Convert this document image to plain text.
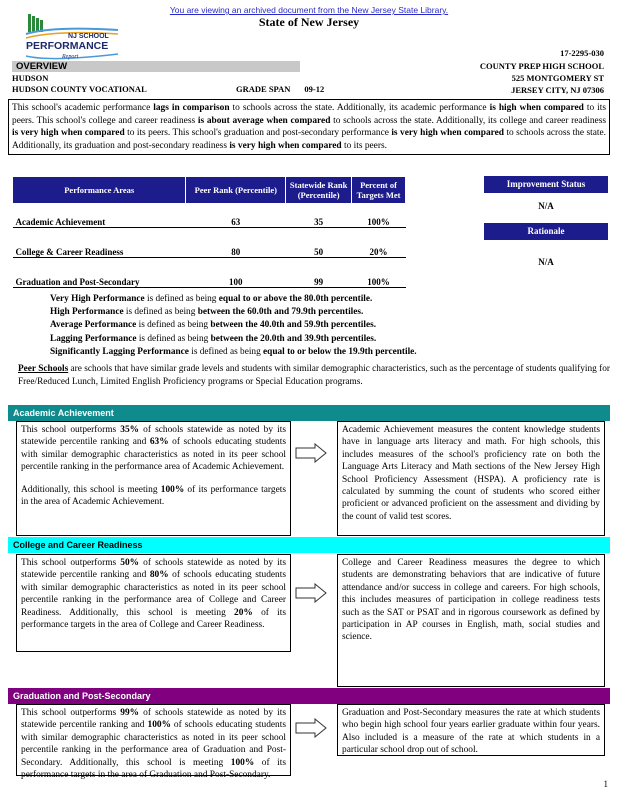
You are viewing an archived document from the New Jersey State Library.
State of New Jersey
NJ SCHOOL
PERFORMANCE
Report	17-2295-030
OVERVIEW
HUDSON
HUDSON COUNTY VOCATIONAL	GRADE SPAN 09-12
COUNTY PREP HIGH SCHOOL
525 MONTGOMERY ST
JERSEY CITY, NJ 07306
This school's academic performance lags in comparison to schools across the state. Additionally, its academic performance is high when compared to its peers. This school's college and career readiness is about average when compared to schools across the state. Additionally, its college and career readiness is very high when compared to its peers. This school's graduation and post-secondary performance is very high when compared to schools across the state. Additionally, its graduation and post-secondary readiness is very high when compared to its peers.
Performance Areas	Peer Rank (Percentile)	Statewide Rank (Percentile)	Percent of Targets Met
Academic Achievement	63	35	100%
College & Career Readiness	80	50	20%
Graduation and Post-Secondary	100	99	100%
Improvement Status
N/A
Rationale
N/A
Very High Performance is defined as being equal to or above the 80.0th percentile.
High Performance is defined as being between the 60.0th and 79.9th percentiles.
Average Performance is defined as being between the 40.0th and 59.9th percentiles.
Lagging Performance is defined as being between the 20.0th and 39.9th percentiles.
Significantly Lagging Performance is defined as being equal to or below the 19.9th percentile.
Peer Schools are schools that have similar grade levels and students with similar demographic characteristics, such as the percentage of students qualifying for Free/Reduced Lunch, Limited English Proficiency programs or Special Education programs.
Academic Achievement

This school outperforms 35% of schools statewide as noted by its statewide percentile ranking and 63% of schools educating students with similar demographic characteristics as noted in its peer school percentile ranking in the performance area of Academic Achievement.

Additionally, this school is meeting 100% of its performance targets in the area of Academic Achievement.

Academic Achievement measures the content knowledge students have in language arts literacy and math. For high schools, this includes measures of the school's proficiency rate on both the Language Arts Literacy and Math sections of the New Jersey High School Proficiency Assessment (HSPA). A proficiency rate is calculated by summing the count of students who scored either proficient or advanced proficient on the assessment and dividing by the count of valid test scores.
College and Career Readiness

This school outperforms 50% of schools statewide as noted by its statewide percentile ranking and 80% of schools educating students with similar demographic characteristics as noted in its peer school percentile ranking in the performance area of College and Career Readiness. Additionally, this school is meeting 20% of its performance targets in the area of College and Career Readiness.

College and Career Readiness measures the degree to which students are demonstrating behaviors that are indicative of future attendance and/or success in college and careers. For high schools, this includes measures of participation in college readiness tests such as the SAT or PSAT and in rigorous coursework as defined by participation in AP courses in English, math, social studies and science.
Graduation and Post-Secondary

This school outperforms 99% of schools statewide as noted by its statewide percentile ranking and 100% of schools educating students with similar demographic characteristics as noted in its peer school percentile ranking in the performance area of Graduation and Post-Secondary. Additionally, this school is meeting 100% of its performance targets in the area of Graduation and Post-Secondary.

Graduation and Post-Secondary measures the rate at which students who begin high school four years earlier graduate within four years. Also included is a measure of the rate at which students in a particular school drop out of school.
1
